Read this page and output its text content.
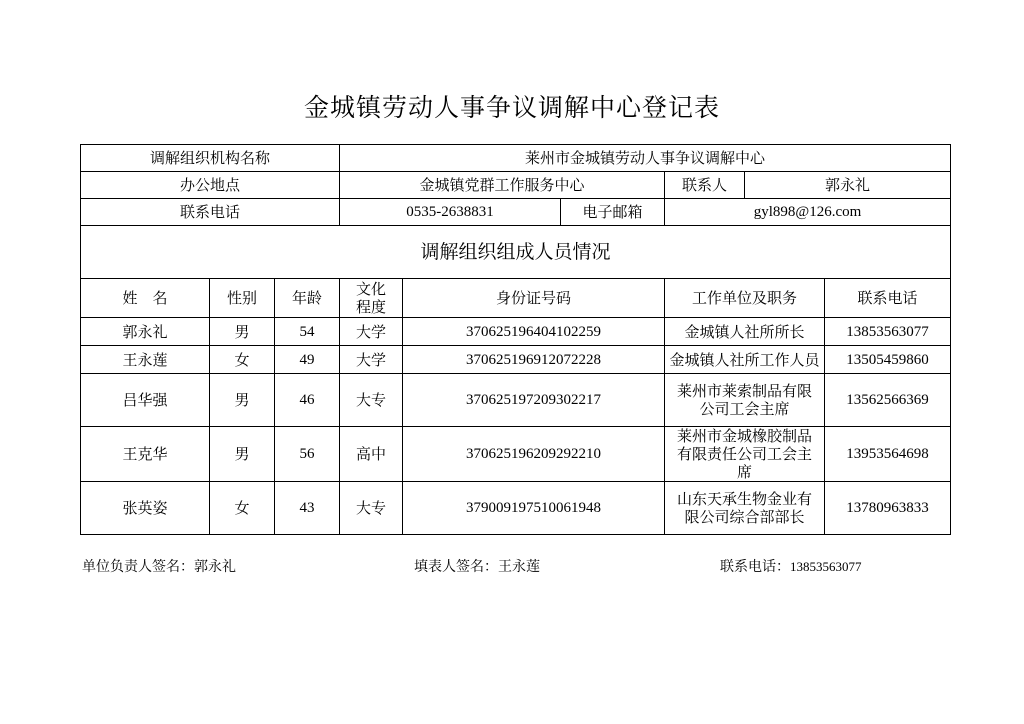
金城镇劳动人事争议调解中心登记表
调解组织机构名称			莱州市金城镇劳动人事争议调解中心					
办公地点			金城镇党群工作服务中心			联系人	郭永礼	
联系电话			0535-2638831		电子邮箱	gyl898@126.com		
调解组织组成人员情况								
姓　名	性别	年龄	文化程度	身份证号码		工作单位及职务		联系电话
郭永礼	男	54	大学	370625196404102259		金城镇人社所所长		13853563077
王永莲	女	49	大学	370625196912072228		金城镇人社所工作人员		13505459860
吕华强	男	46	大专	370625197209302217		莱州市莱索制品有限公司工会主席		13562566369
王克华	男	56	高中	370625196209292210		莱州市金城橡胶制品有限责任公司工会主席		13953564698
张英姿	女	43	大专	379009197510061948		山东天承生物金业有限公司综合部部长		13780963833
单位负责人签名：郭永礼	填表人签名：王永莲	联系电话：13853563077
